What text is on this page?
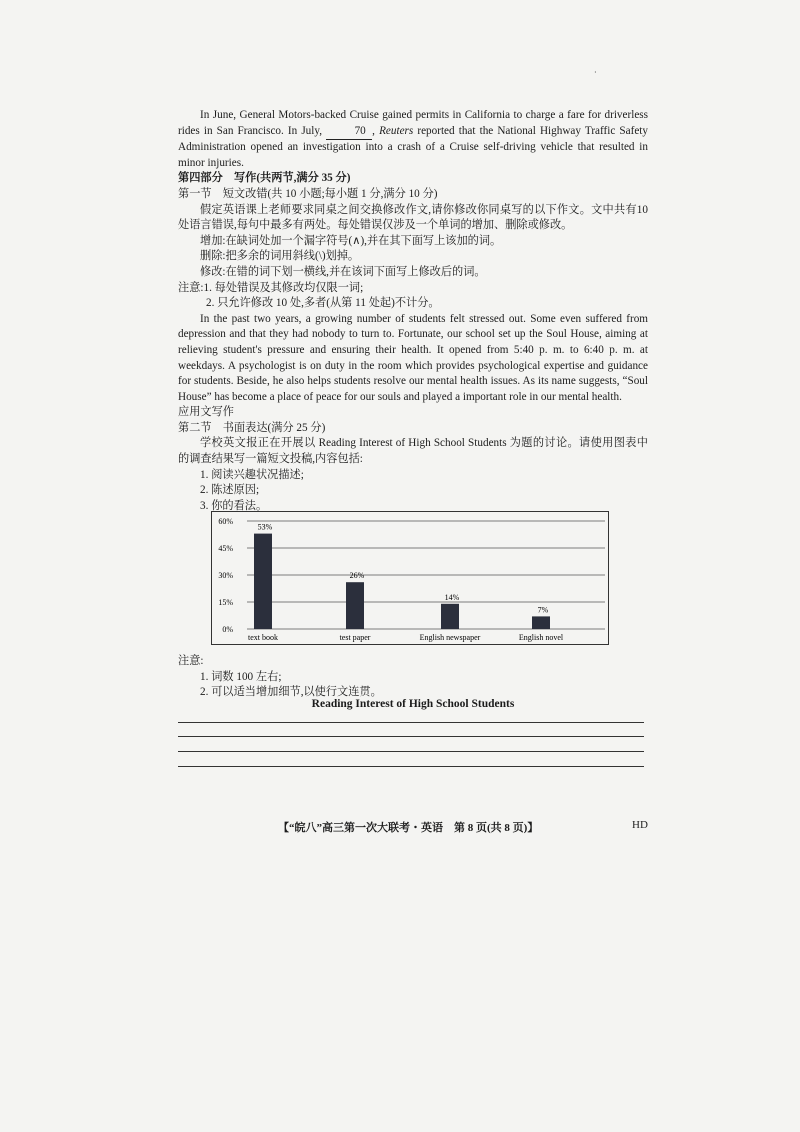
·

In June, General Motors-backed Cruise gained permits in California to charge a fare for driverless rides in San Francisco. In July,	70 , Reuters reported that the National Highway Traffic Safety Administration opened an investigation into a crash of a Cruise self-driving vehicle that resulted in minor injuries.

第四部分　写作(共两节,满分 35 分)

第一节　短文改错(共 10 小题;每小题 1 分,满分 10 分)

假定英语课上老师要求同桌之间交换修改作文,请你修改你同桌写的以下作文。文中共有10 处语言错误,每句中最多有两处。每处错误仅涉及一个单词的增加、删除或修改。

增加:在缺词处加一个漏字符号(∧),并在其下面写上该加的词。

删除:把多余的词用斜线(\)划掉。

修改:在错的词下划一横线,并在该词下面写上修改后的词。

注意:1. 每处错误及其修改均仅限一词;

2. 只允许修改 10 处,多者(从第 11 处起)不计分。

In the past two years, a growing number of students felt stressed out. Some even suffered from depression and that they had nobody to turn to. Fortunate, our school set up the Soul House, aiming at relieving student's pressure and ensuring their health. It opened from 5:40 p. m. to 6:40 p. m. at weekdays. A psychologist is on duty in the room which provides psychological expertise and guidance for students. Beside, he also helps students resolve our mental health issues. As its name suggests, “Soul House” has become a place of peace for our souls and played a important role in our mental health.

应用文写作

第二节　书面表达(满分 25 分)

学校英文报正在开展以 Reading Interest of High School Students 为题的讨论。请使用图表中的调查结果写一篇短文投稿,内容包括:

1. 阅读兴趣状况描述;

2. 陈述原因;

3. 你的看法。

0%
15%
30%
45%
60%
53%
26%
14%
7%
text book	test paper	English newspaper	English novel

注意:

1. 词数 100 左右;

2. 可以适当增加细节,以使行文连贯。

Reading Interest of High School Students
【“皖八”高三第一次大联考・英语　第 8 页(共 8 页)】	HD
